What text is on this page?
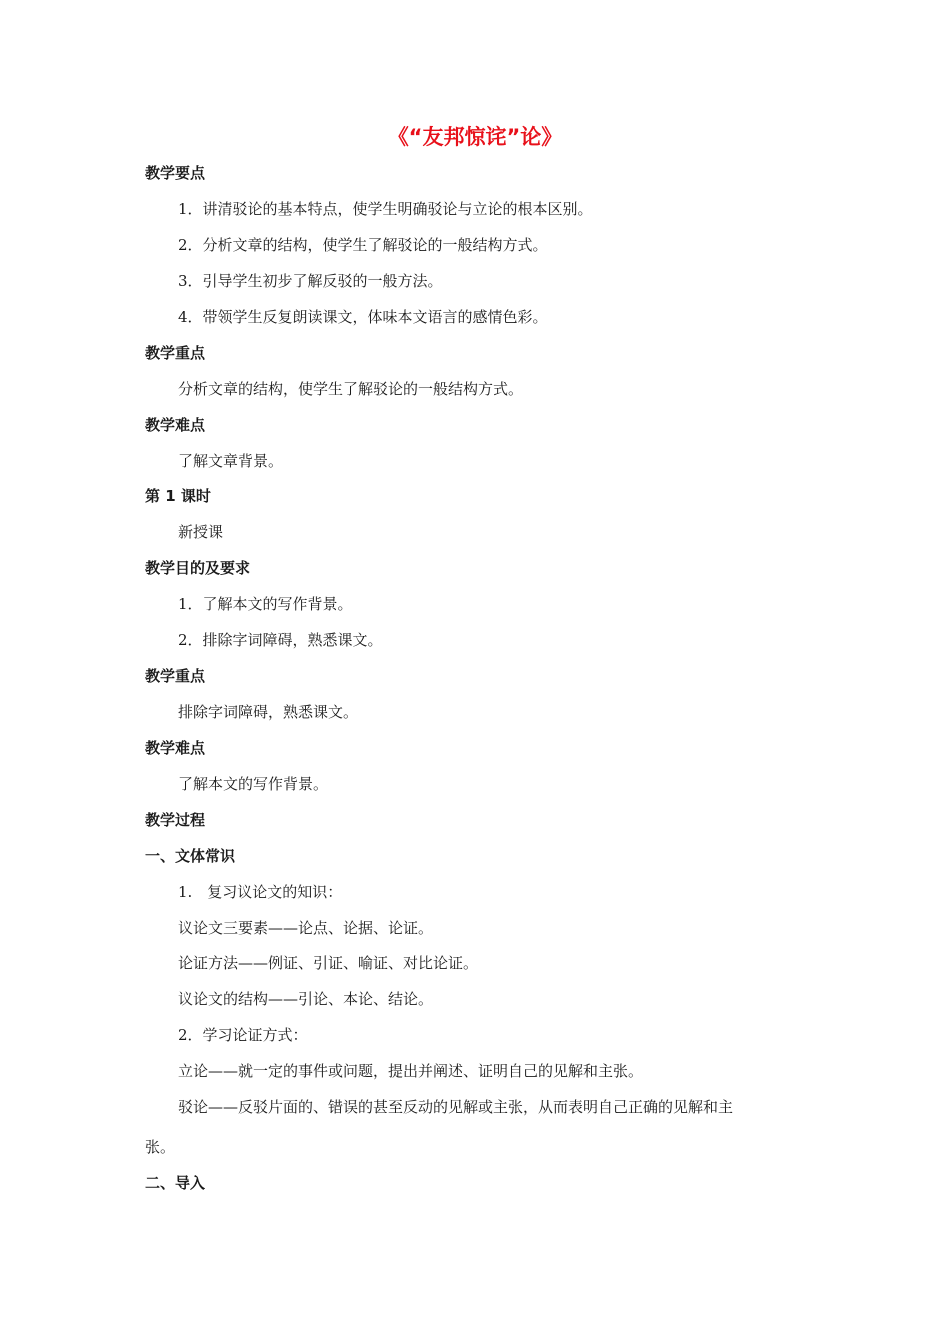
《“友邦惊诧”论》
教学要点
1．讲清驳论的基本特点，使学生明确驳论与立论的根本区别。
2．分析文章的结构，使学生了解驳论的一般结构方式。
3．引导学生初步了解反驳的一般方法。
4．带领学生反复朗读课文，体味本文语言的感情色彩。
教学重点
分析文章的结构，使学生了解驳论的一般结构方式。
教学难点
了解文章背景。
第 1 课时
新授课
教学目的及要求
1．了解本文的写作背景。
2．排除字词障碍，熟悉课文。
教学重点
排除字词障碍，熟悉课文。
教学难点
了解本文的写作背景。
教学过程
一、文体常识
1.　复习议论文的知识：
议论文三要素——论点、论据、论证。
论证方法——例证、引证、喻证、对比论证。
议论文的结构——引论、本论、结论。
2．学习论证方式：
立论——就一定的事件或问题，提出并阐述、证明自己的见解和主张。
驳论——反驳片面的、错误的甚至反动的见解或主张，从而表明自己正确的见解和主
张。
二、导入
